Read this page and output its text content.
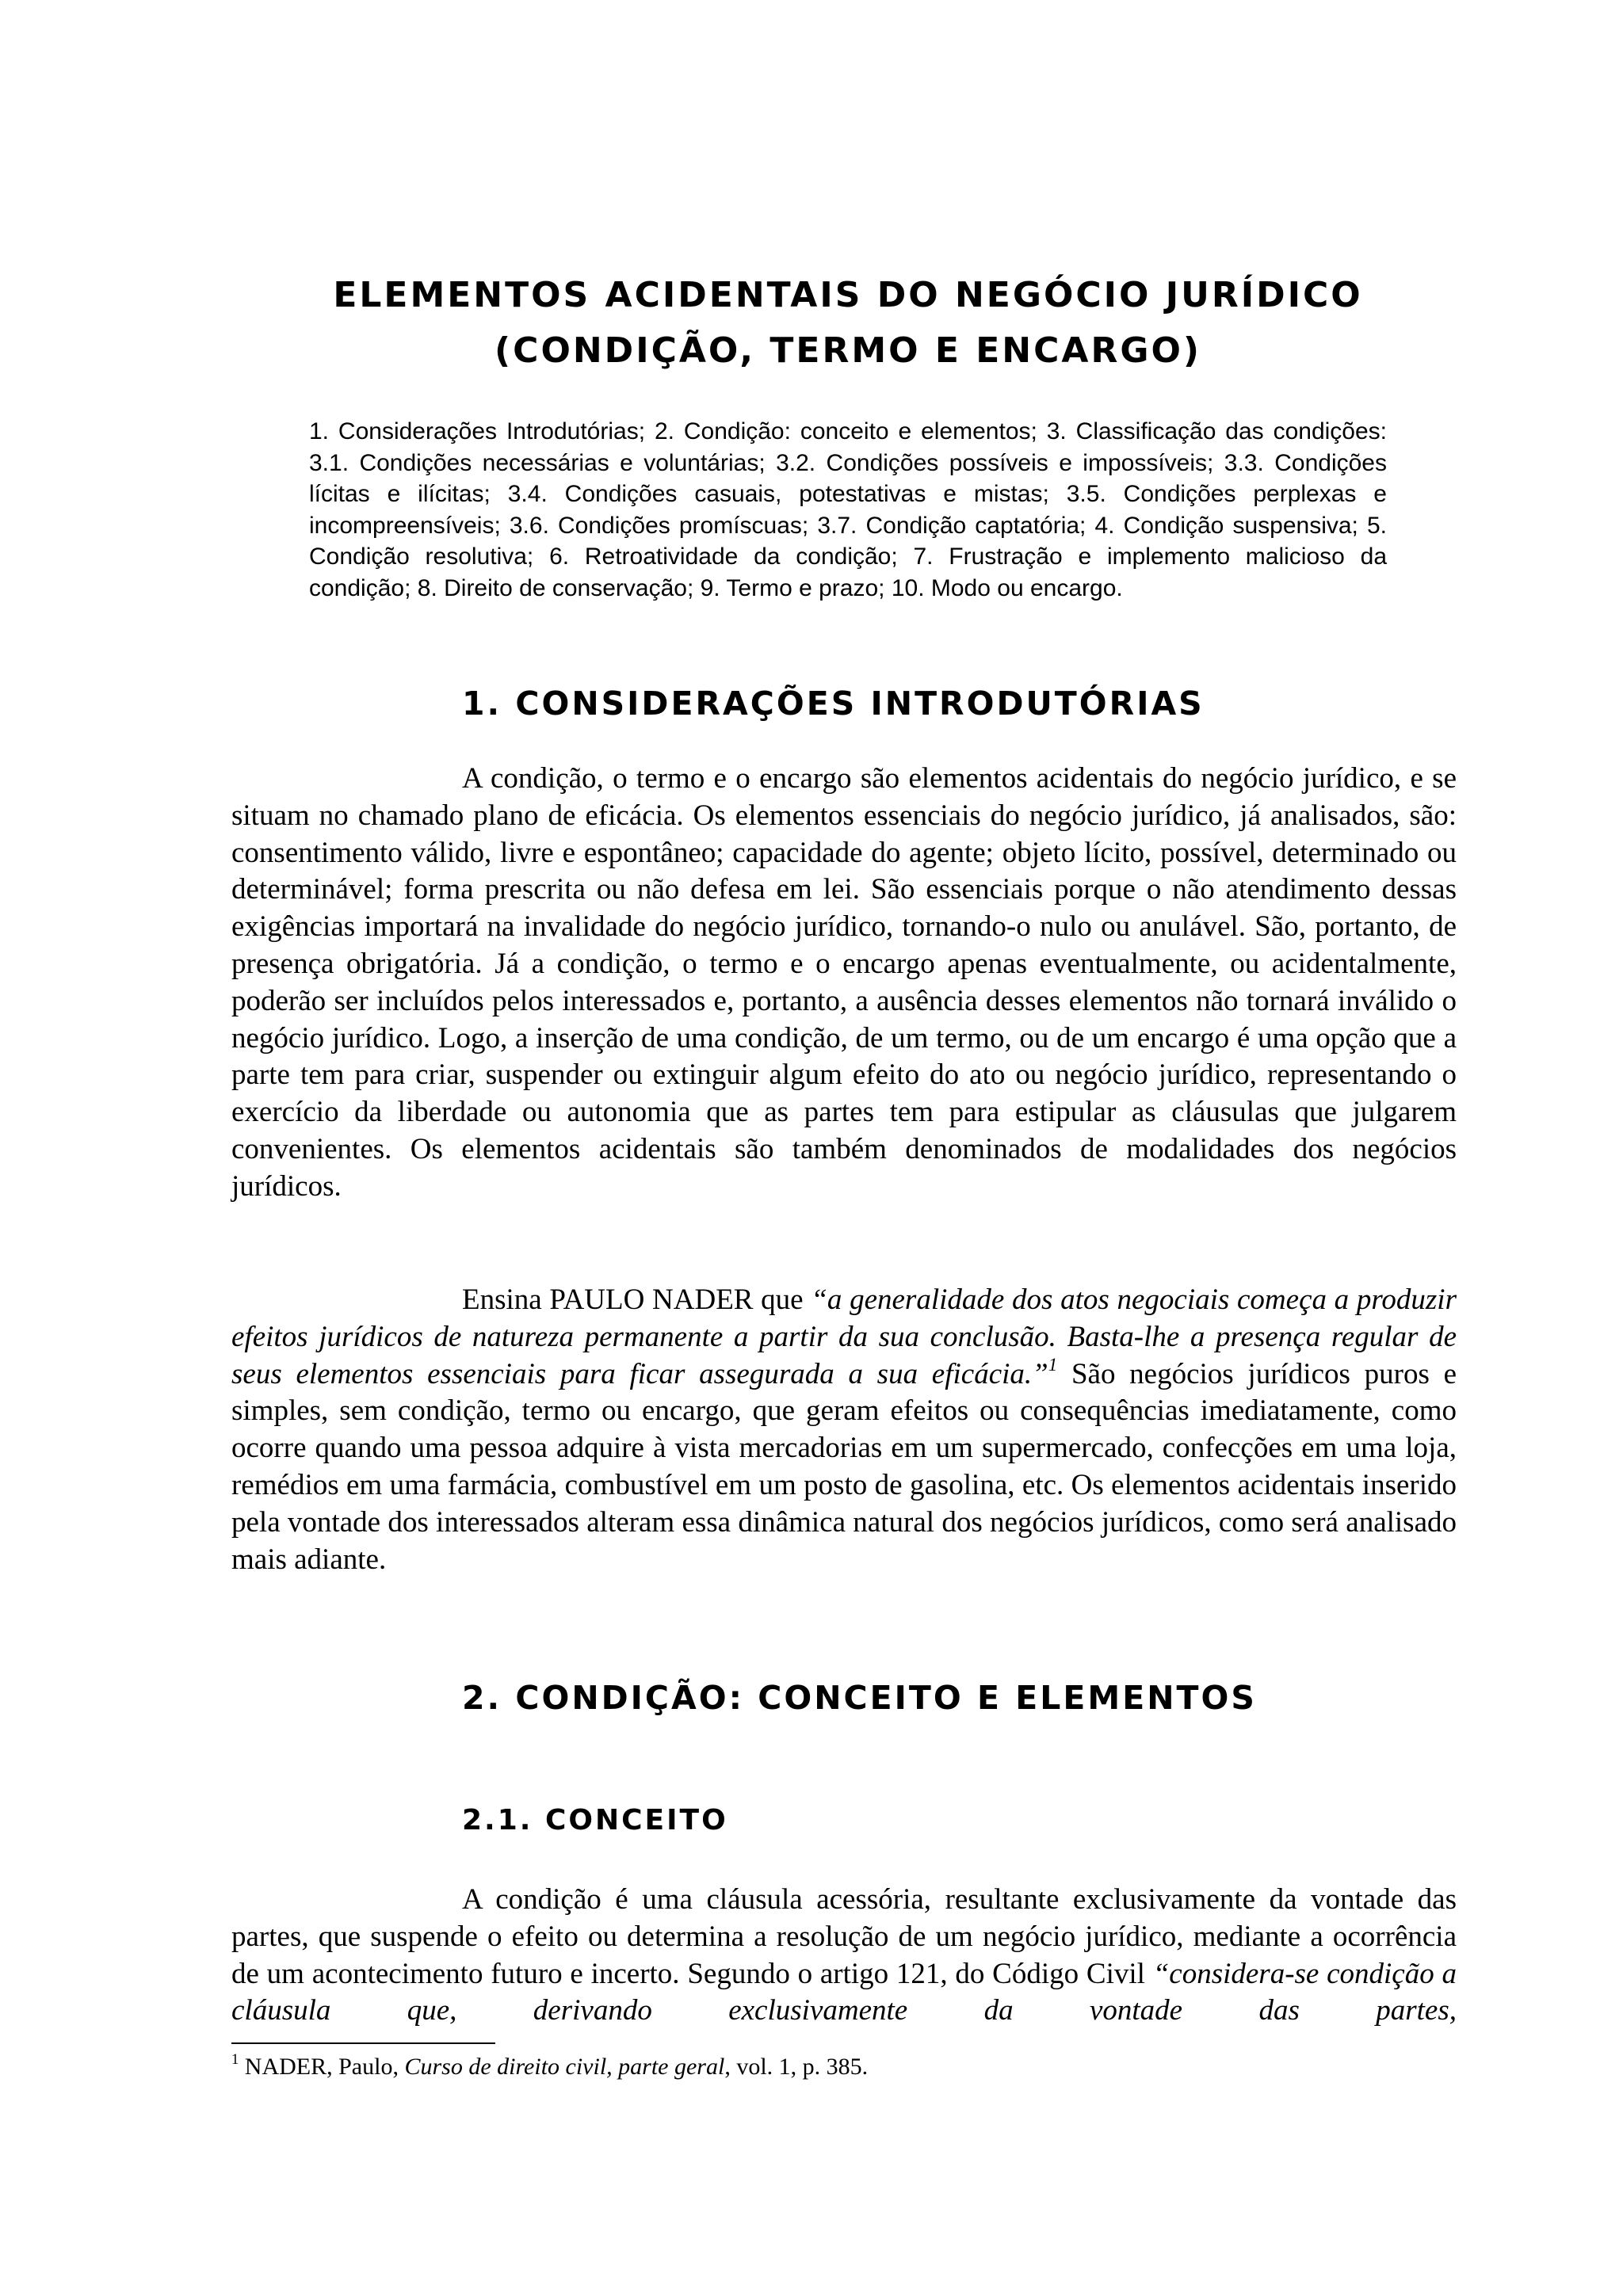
ELEMENTOS ACIDENTAIS DO NEGÓCIO JURÍDICO
(CONDIÇÃO, TERMO E ENCARGO)
1. Considerações Introdutórias; 2. Condição: conceito e elementos; 3. Classificação das condições: 3.1. Condições necessárias e voluntárias; 3.2. Condições possíveis e impossíveis; 3.3. Condições lícitas e ilícitas; 3.4. Condições casuais, potestativas e mistas; 3.5. Condições perplexas e incompreensíveis; 3.6. Condições promíscuas; 3.7. Condição captatória; 4. Condição suspensiva; 5. Condição resolutiva; 6. Retroatividade da condição; 7. Frustração e implemento malicioso da condição; 8. Direito de conservação; 9. Termo e prazo; 10. Modo ou encargo.
1. CONSIDERAÇÕES INTRODUTÓRIAS

A condição, o termo e o encargo são elementos acidentais do negócio jurídico, e se situam no chamado plano de eficácia. Os elementos essenciais do negócio jurídico, já analisados, são: consentimento válido, livre e espontâneo; capacidade do agente; objeto lícito, possível, determinado ou determinável; forma prescrita ou não defesa em lei. São essenciais porque o não atendimento dessas exigências importará na invalidade do negócio jurídico, tornando-o nulo ou anulável. São, portanto, de presença obrigatória. Já a condição, o termo e o encargo apenas eventualmente, ou acidentalmente, poderão ser incluídos pelos interessados e, portanto, a ausência desses elementos não tornará inválido o negócio jurídico. Logo, a inserção de uma condição, de um termo, ou de um encargo é uma opção que a parte tem para criar, suspender ou extinguir algum efeito do ato ou negócio jurídico, representando o exercício da liberdade ou autonomia que as partes tem para estipular as cláusulas que julgarem convenientes. Os elementos acidentais são também denominados de modalidades dos negócios jurídicos.

Ensina PAULO NADER que “a generalidade dos atos negociais começa a produzir efeitos jurídicos de natureza permanente a partir da sua conclusão. Basta-lhe a presença regular de seus elementos essenciais para ficar assegurada a sua eficácia.”$^1$ São negócios jurídicos puros e simples, sem condição, termo ou encargo, que geram efeitos ou consequências imediatamente, como ocorre quando uma pessoa adquire à vista mercadorias em um supermercado, confecções em uma loja, remédios em uma farmácia, combustível em um posto de gasolina, etc. Os elementos acidentais inserido pela vontade dos interessados alteram essa dinâmica natural dos negócios jurídicos, como será analisado mais adiante.

2. CONDIÇÃO: CONCEITO E ELEMENTOS
2.1. CONCEITO

A condição é uma cláusula acessória, resultante exclusivamente da vontade das partes, que suspende o efeito ou determina a resolução de um negócio jurídico, mediante a ocorrência de um acontecimento futuro e incerto. Segundo o artigo 121, do Código Civil “considera-se condição a cláusula que, derivando exclusivamente da vontade das partes,

$^1$ NADER, Paulo, Curso de direito civil, parte geral, vol. 1, p. 385.
